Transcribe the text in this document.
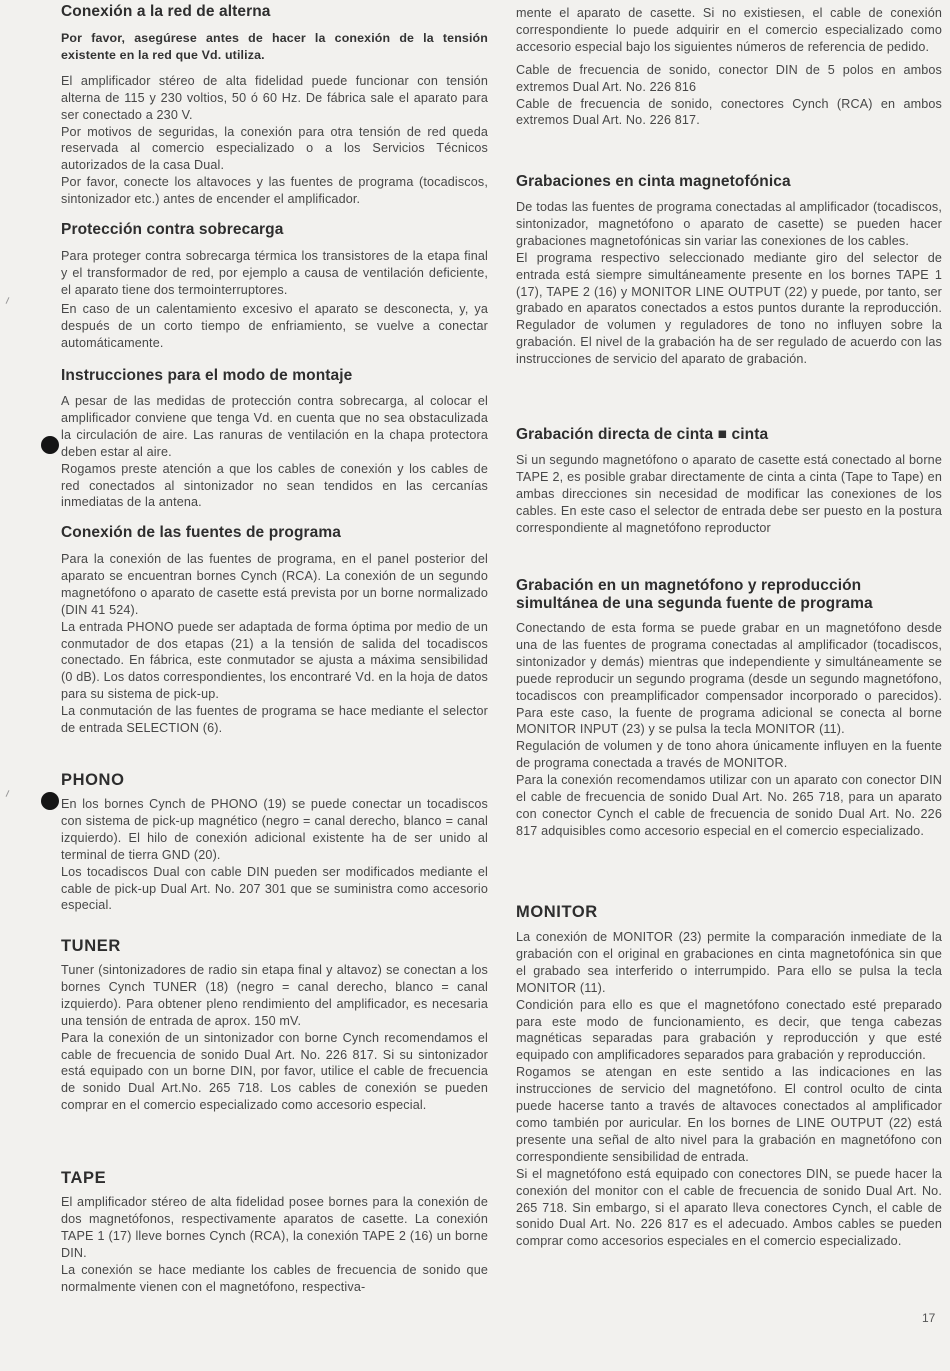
Conexión a la red de alterna

Por favor, asegúrese antes de hacer la conexión de la tensión existente en la red que Vd. utiliza.

El amplificador stéreo de alta fidelidad puede funcionar con tensión alterna de 115 y 230 voltios, 50 ó 60 Hz. De fábrica sale el aparato para ser conectado a 230 V.

Por motivos de seguridas, la conexión para otra tensión de red queda reservada al comercio especializado o a los Servicios Técnicos autorizados de la casa Dual.

Por favor, conecte los altavoces y las fuentes de programa (tocadiscos, sintonizador etc.) antes de encender el amplificador.

Protección contra sobrecarga

Para proteger contra sobrecarga térmica los transistores de la etapa final y el transformador de red, por ejemplo a causa de ventilación deficiente, el aparato tiene dos termointerruptores.

En caso de un calentamiento excesivo el aparato se desconecta, y, ya después de un corto tiempo de enfriamiento, se vuelve a conectar automáticamente.

Instrucciones para el modo de montaje

A pesar de las medidas de protección contra sobrecarga, al colocar el amplificador conviene que tenga Vd. en cuenta que no sea obstaculizada la circulación de aire. Las ranuras de ventilación en la chapa protectora deben estar al aire.

Rogamos preste atención a que los cables de conexión y los cables de red conectados al sintonizador no sean tendidos en las cercanías inmediatas de la antena.

Conexión de las fuentes de programa

Para la conexión de las fuentes de programa, en el panel posterior del aparato se encuentran bornes Cynch (RCA). La conexión de un segundo magnetófono o aparato de casette está prevista por un borne normalizado (DIN 41 524).

La entrada PHONO puede ser adaptada de forma óptima por medio de un conmutador de dos etapas (21) a la tensión de salida del tocadiscos conectado. En fábrica, este conmutador se ajusta a máxima sensibilidad (0 dB). Los datos correspondientes, los encontraré Vd. en la hoja de datos para su sistema de pick-up.

La conmutación de las fuentes de programa se hace mediante el selector de entrada SELECTION (6).

PHONO

En los bornes Cynch de PHONO (19) se puede conectar un tocadiscos con sistema de pick-up magnético (negro = canal derecho, blanco = canal izquierdo). El hilo de conexión adicional existente ha de ser unido al terminal de tierra GND (20).

Los tocadiscos Dual con cable DIN pueden ser modificados mediante el cable de pick-up Dual Art. No. 207 301 que se suministra como accesorio especial.

TUNER

Tuner (sintonizadores de radio sin etapa final y altavoz) se conectan a los bornes Cynch TUNER (18) (negro = canal derecho, blanco = canal izquierdo). Para obtener pleno rendimiento del amplificador, es necesaria una tensión de entrada de aprox. 150 mV.

Para la conexión de un sintonizador con borne Cynch recomendamos el cable de frecuencia de sonido Dual Art. No. 226 817. Si su sintonizador está equipado con un borne DIN, por favor, utilice el cable de frecuencia de sonido Dual Art.No. 265 718. Los cables de conexión se pueden comprar en el comercio especializado como accesorio especial.

TAPE

El amplificador stéreo de alta fidelidad posee bornes para la conexión de dos magnetófonos, respectivamente aparatos de casette. La conexión TAPE 1 (17) lleve bornes Cynch (RCA), la conexión TAPE 2 (16) un borne DIN.

La conexión se hace mediante los cables de frecuencia de sonido que normalmente vienen con el magnetófono, respectiva-

mente el aparato de casette. Si no existiesen, el cable de conexión correspondiente lo puede adquirir en el comercio especializado como accesorio especial bajo los siguientes números de referencia de pedido.

Cable de frecuencia de sonido, conector DIN de 5 polos en ambos extremos Dual Art. No. 226 816

Cable de frecuencia de sonido, conectores Cynch (RCA) en ambos extremos Dual Art. No. 226 817.

Grabaciones en cinta magnetofónica

De todas las fuentes de programa conectadas al amplificador (tocadiscos, sintonizador, magnetófono o aparato de casette) se pueden hacer grabaciones magnetofónicas sin variar las conexiones de los cables.

El programa respectivo seleccionado mediante giro del selector de entrada está siempre simultáneamente presente en los bornes TAPE 1 (17), TAPE 2 (16) y MONITOR LINE OUTPUT (22) y puede, por tanto, ser grabado en aparatos conectados a estos puntos durante la reproducción. Regulador de volumen y reguladores de tono no influyen sobre la grabación. El nivel de la grabación ha de ser regulado de acuerdo con las instrucciones de servicio del aparato de grabación.

Grabación directa de cinta ■ cinta

Si un segundo magnetófono o aparato de casette está conectado al borne TAPE 2, es posible grabar directamente de cinta a cinta (Tape to Tape) en ambas direcciones sin necesidad de modificar las conexiones de los cables. En este caso el selector de entrada debe ser puesto en la postura correspondiente al magnetófono reproductor

Grabación en un magnetófono y reproducción simultánea de una segunda fuente de programa

Conectando de esta forma se puede grabar en un magnetófono desde una de las fuentes de programa conectadas al amplificador (tocadiscos, sintonizador y demás) mientras que independiente y simultáneamente se puede reproducir un segundo programa (desde un segundo magnetófono, tocadiscos con preamplificador compensador incorporado o parecidos). Para este caso, la fuente de programa adicional se conecta al borne MONITOR INPUT (23) y se pulsa la tecla MONITOR (11).

Regulación de volumen y de tono ahora únicamente influyen en la fuente de programa conectada a través de MONITOR.

Para la conexión recomendamos utilizar con un aparato con conector DIN el cable de frecuencia de sonido Dual Art. No. 265 718, para un aparato con conector Cynch el cable de frecuencia de sonido Dual Art. No. 226 817 adquisibles como accesorio especial en el comercio especializado.

MONITOR

La conexión de MONITOR (23) permite la comparación inmediate de la grabación con el original en grabaciones en cinta magnetofónica sin que el grabado sea interferido o interrumpido. Para ello se pulsa la tecla MONITOR (11).

Condición para ello es que el magnetófono conectado esté preparado para este modo de funcionamiento, es decir, que tenga cabezas magnéticas separadas para grabación y reproducción y que esté equipado con amplificadores separados para grabación y reproducción.

Rogamos se atengan en este sentido a las indicaciones en las instrucciones de servicio del magnetófono. El control oculto de cinta puede hacerse tanto a través de altavoces conectados al amplificador como también por auricular. En los bornes de LINE OUTPUT (22) está presente una señal de alto nivel para la grabación en magnetófono con correspondiente sensibilidad de entrada.

Si el magnetófono está equipado con conectores DIN, se puede hacer la conexión del monitor con el cable de frecuencia de sonido Dual Art. No. 265 718. Sin embargo, si el aparato lleva conectores Cynch, el cable de sonido Dual Art. No. 226 817 es el adecuado. Ambos cables se pueden comprar como accesorios especiales en el comercio especializado.

17
